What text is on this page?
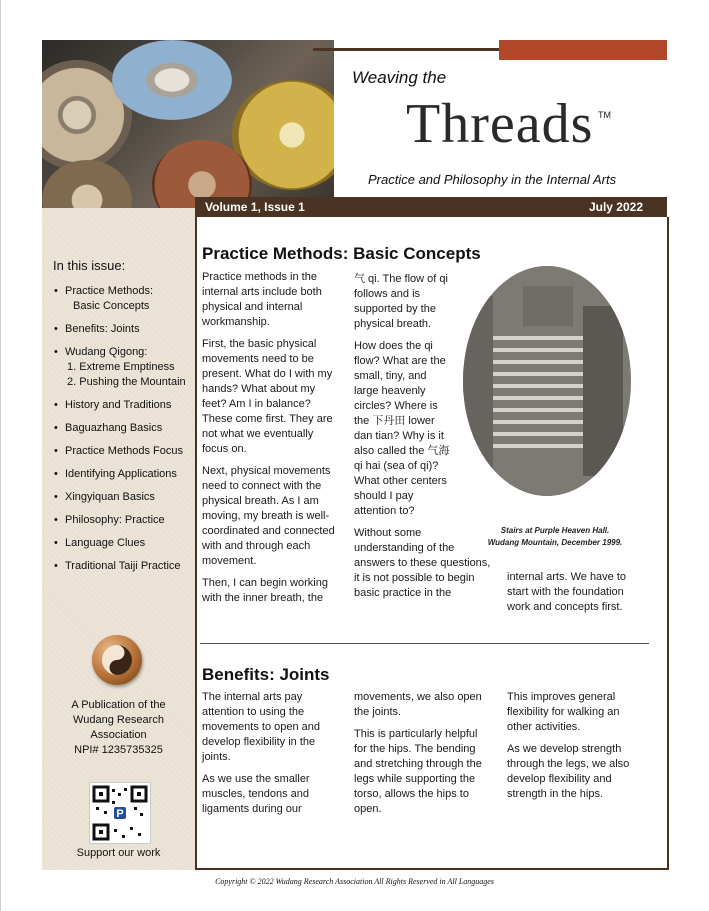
Weaving the
Threads TM
Practice and Philosophy in the Internal Arts
Volume 1, Issue 1	July 2022
In this issue:
• Practice Methods:
Basic Concepts
• Benefits: Joints
• Wudang Qigong:
1. Extreme Emptiness
2. Pushing the Mountain
• History and Traditions
• Baguazhang Basics
• Practice Methods Focus
• Identifying Applications
• Xingyiquan Basics
• Philosophy: Practice
• Language Clues
• Traditional Taiji Practice
A Publication of the
Wudang Research
Association
NPI# 1235735325
P
Support our work
Practice Methods: Basic Concepts

Practice methods in the internal arts include both physical and internal workmanship.

First, the basic physical movements need to be present. What do I with my hands? What about my feet? Am I in balance? These come first. They are not what we eventually focus on.

Next, physical movements need to connect with the physical breath. As I am moving, my breath is well-coordinated and connected with and through each movement.

Then, I can begin working with the inner breath, the

气 qi. The flow of qi follows and is supported by the physical breath.

How does the qi flow? What are the small, tiny, and large heavenly circles? Where is the 下丹田 lower dan tian? Why is it also called the 气海 qi hai (sea of qi)? What other centers should I pay attention to?

Without some understanding of the answers to these questions, it is not possible to begin basic practice in the

Stairs at Purple Heaven Hall.
Wudang Mountain, December 1999.

internal arts. We have to start with the foundation work and concepts first.

Benefits: Joints

The internal arts pay attention to using the movements to open and develop flexibility in the joints.

As we use the smaller muscles, tendons and ligaments during our

movements, we also open the joints.

This is particularly helpful for the hips. The bending and stretching through the legs while supporting the torso, allows the hips to open.

This improves general flexibility for walking an other activities.

As we develop strength through the legs, we also develop flexibility and strength in the hips.

Copyright © 2022 Wudang Research Association All Rights Reserved in All Languages
